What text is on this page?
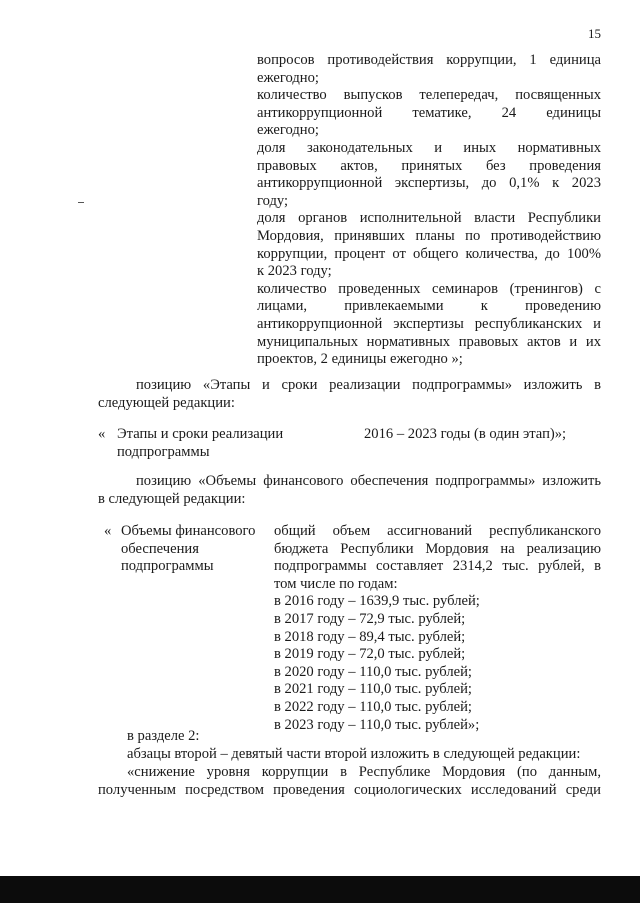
15
вопросов противодействия коррупции, 1 единица
ежегодно;
количество выпусков телепередач, посвященных
антикоррупционной тематике, 24 единицы
ежегодно;
доля законодательных и иных нормативных
правовых актов, принятых без проведения
антикоррупционной экспертизы, до 0,1% к 2023
году;
доля органов исполнительной власти Республики
Мордовия, принявших планы по противодействию
коррупции, процент от общего количества, до 100%
к 2023 году;
количество проведенных семинаров (тренингов) с
лицами, привлекаемыми к проведению
антикоррупционной экспертизы республиканских и
муниципальных нормативных правовых актов и их
проектов, 2 единицы ежегодно »;
позицию «Этапы и сроки реализации подпрограммы» изложить в
следующей редакции:
« Этапы и сроки реализации
подпрограммы
2016 – 2023 годы (в один этап)»;
позицию «Объемы финансового обеспечения подпрограммы» изложить
в следующей редакции:
« Объемы финансового
обеспечения
подпрограммы
общий объем ассигнований республиканского
бюджета Республики Мордовия на реализацию
подпрограммы составляет 2314,2 тыс. рублей, в
том числе по годам:
в 2016 году – 1639,9 тыс. рублей;
в 2017 году – 72,9 тыс. рублей;
в 2018 году – 89,4 тыс. рублей;
в 2019 году – 72,0 тыс. рублей;
в 2020 году – 110,0 тыс. рублей;
в 2021 году – 110,0 тыс. рублей;
в 2022 году – 110,0 тыс. рублей;
в 2023 году – 110,0 тыс. рублей»;
в разделе 2:
абзацы второй – девятый части второй изложить в следующей редакции:
«снижение уровня коррупции в Республике Мордовия (по данным,
полученным посредством проведения социологических исследований среди
